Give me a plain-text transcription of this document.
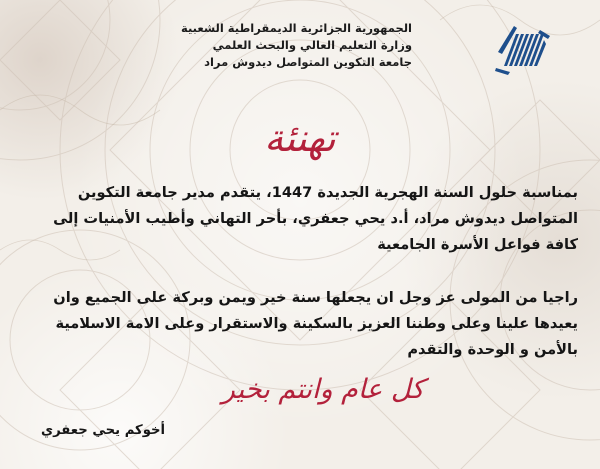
الجمهورية الجزائرية الديمقراطية الشعبية
وزارة التعليم العالي والبحث العلمي
جامعة التكوين المتواصل ديدوش مراد
تهنئة
بمناسبة حلول السنة الهجرية الجديدة 1447، يتقدم مدير جامعة التكوين
المتواصل ديدوش مراد، أ.د يحي جعفري، بأحر التهاني وأطيب الأمنيات إلى
كافة فواعل الأسرة الجامعية
راجيا من المولى عز وجل ان يجعلها سنة خير ويمن وبركة على الجميع وان
يعيدها علينا وعلى وطننا العزيز بالسكينة والاستقرار وعلى الامة الاسلامية
بالأمن و الوحدة والتقدم
كل عام وانتم بخير
أخوكم يحي جعفري
